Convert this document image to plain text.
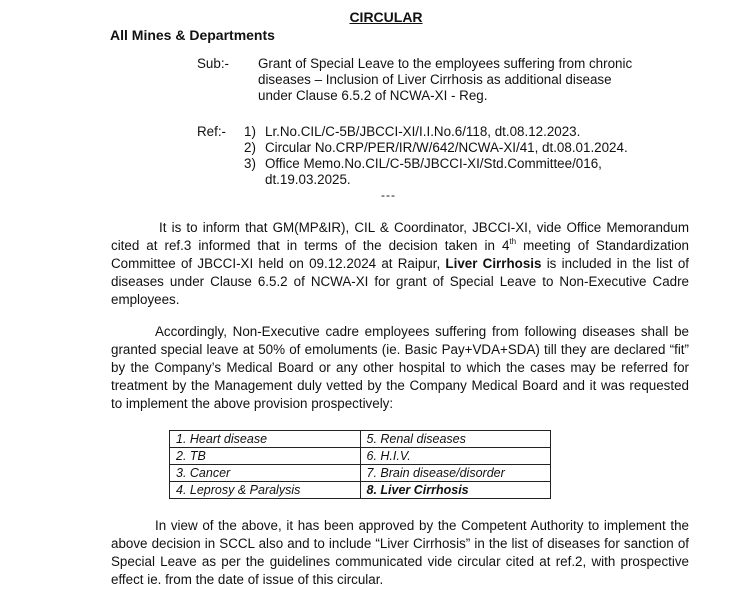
CIRCULAR
All Mines & Departments
Sub:- Grant of Special Leave to the employees suffering from chronic
diseases – Inclusion of Liver Cirrhosis as additional disease
under Clause 6.5.2 of NCWA-XI - Reg.
Ref:- 1) Lr.No.CIL/C-5B/JBCCI-XI/I.I.No.6/118, dt.08.12.2023.
2) Circular No.CRP/PER/IR/W/642/NCWA-XI/41, dt.08.01.2024.
3) Office Memo.No.CIL/C-5B/JBCCI-XI/Std.Committee/016,
dt.19.03.2025.
---
It is to inform that GM(MP&IR), CIL & Coordinator, JBCCI-XI, vide Office Memorandum cited at ref.3 informed that in terms of the decision taken in 4th meeting of Standardization Committee of JBCCI-XI held on 09.12.2024 at Raipur, Liver Cirrhosis is included in the list of diseases under Clause 6.5.2 of NCWA-XI for grant of Special Leave to Non-Executive Cadre employees.
Accordingly, Non-Executive cadre employees suffering from following diseases shall be granted special leave at 50% of emoluments (ie. Basic Pay+VDA+SDA) till they are declared “fit” by the Company’s Medical Board or any other hospital to which the cases may be referred for treatment by the Management duly vetted by the Company Medical Board and it was requested to implement the above provision prospectively:
1. Heart disease	5. Renal diseases
2. TB	6. H.I.V.
3. Cancer	7. Brain disease/disorder
4. Leprosy & Paralysis	8. Liver Cirrhosis
In view of the above, it has been approved by the Competent Authority to implement the above decision in SCCL also and to include “Liver Cirrhosis” in the list of diseases for sanction of Special Leave as per the guidelines communicated vide circular cited at ref.2, with prospective effect ie. from the date of issue of this circular.
